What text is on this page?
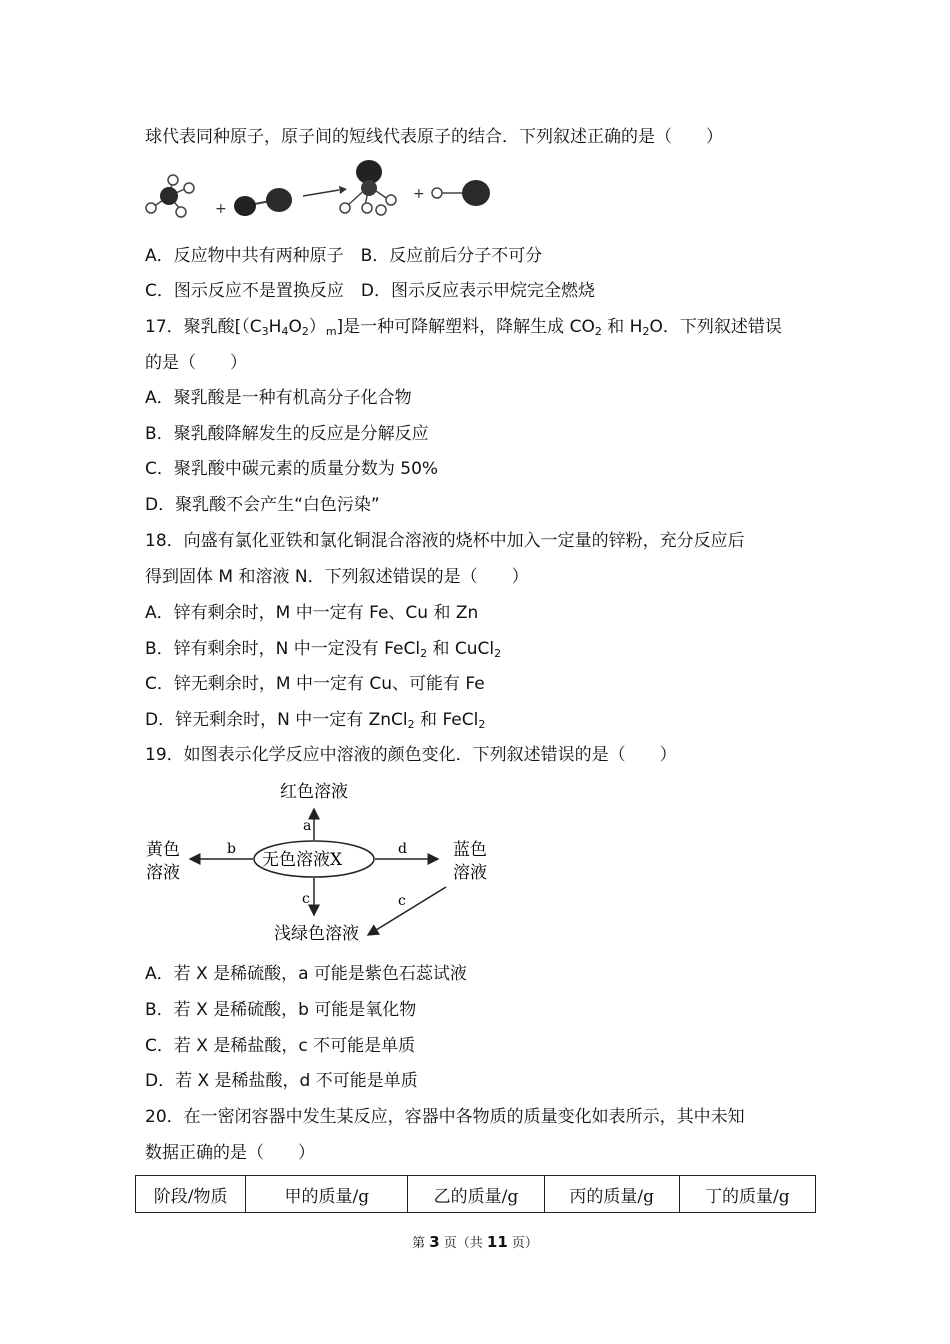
球代表同种原子，原子间的短线代表原子的结合．下列叙述正确的是（　　）
+
+
A．反应物中共有两种原子　B．反应前后分子不可分
C．图示反应不是置换反应　D．图示反应表示甲烷完全燃烧
17．聚乳酸$[(C_3H_4O_2)_m]$是一种可降解塑料，降解生成 $CO_2$ 和 $H_2O$．下列叙述错误
的是（　　）
A．聚乳酸是一种有机高分子化合物
B．聚乳酸降解发生的反应是分解反应
C．聚乳酸中碳元素的质量分数为 50%
D．聚乳酸不会产生“白色污染”
18．向盛有氯化亚铁和氯化铜混合溶液的烧杯中加入一定量的锌粉，充分反应后
得到固体 M 和溶液 N．下列叙述错误的是（　　）
A．锌有剩余时，M 中一定有 Fe、Cu 和 Zn
B．锌有剩余时，N 中一定没有 FeCl$_2$ 和 CuCl$_2$
C．锌无剩余时，M 中一定有 Cu、可能有 Fe
D．锌无剩余时，N 中一定有 ZnCl$_2$ 和 FeCl$_2$
19．如图表示化学反应中溶液的颜色变化．下列叙述错误的是（　　）
红色溶液
无色溶液X
a
b
黄色
溶液
d	蓝色
溶液
c	c
浅绿色溶液
A．若 X 是稀硫酸，a 可能是紫色石蕊试液
B．若 X 是稀硫酸，b 可能是氧化物
C．若 X 是稀盐酸，c 不可能是单质
D．若 X 是稀盐酸，d 不可能是单质
20．在一密闭容器中发生某反应，容器中各物质的质量变化如表所示，其中未知
数据正确的是（　　）
阶段/物质	甲的质量/g	乙的质量/g	丙的质量/g	丁的质量/g
第 3 页（共 11 页）
